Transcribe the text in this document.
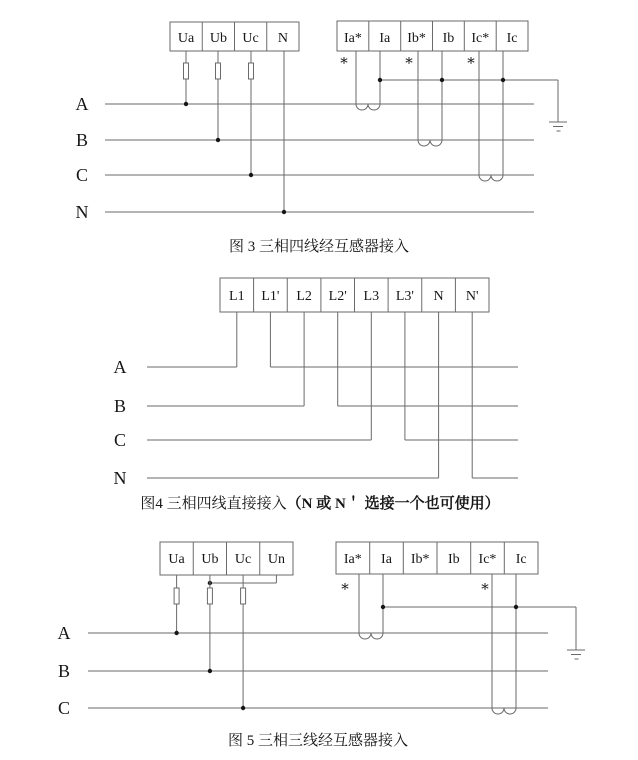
Ua Ub Uc N	Ia* Ia Ib* Ib Ic* Ic
A
B
C
N
*	*	*
图 3 三相四线经互感器接入
L1 L1' L2 L2' L3 L3' N N'
A
B
C
N
图4 三相四线直接接入（N 或 N＇ 选接一个也可使用）
Ua Ub Uc Un	Ia* Ia Ib* Ib Ic* Ic
A
B
C
*	*
图 5 三相三线经互感器接入
